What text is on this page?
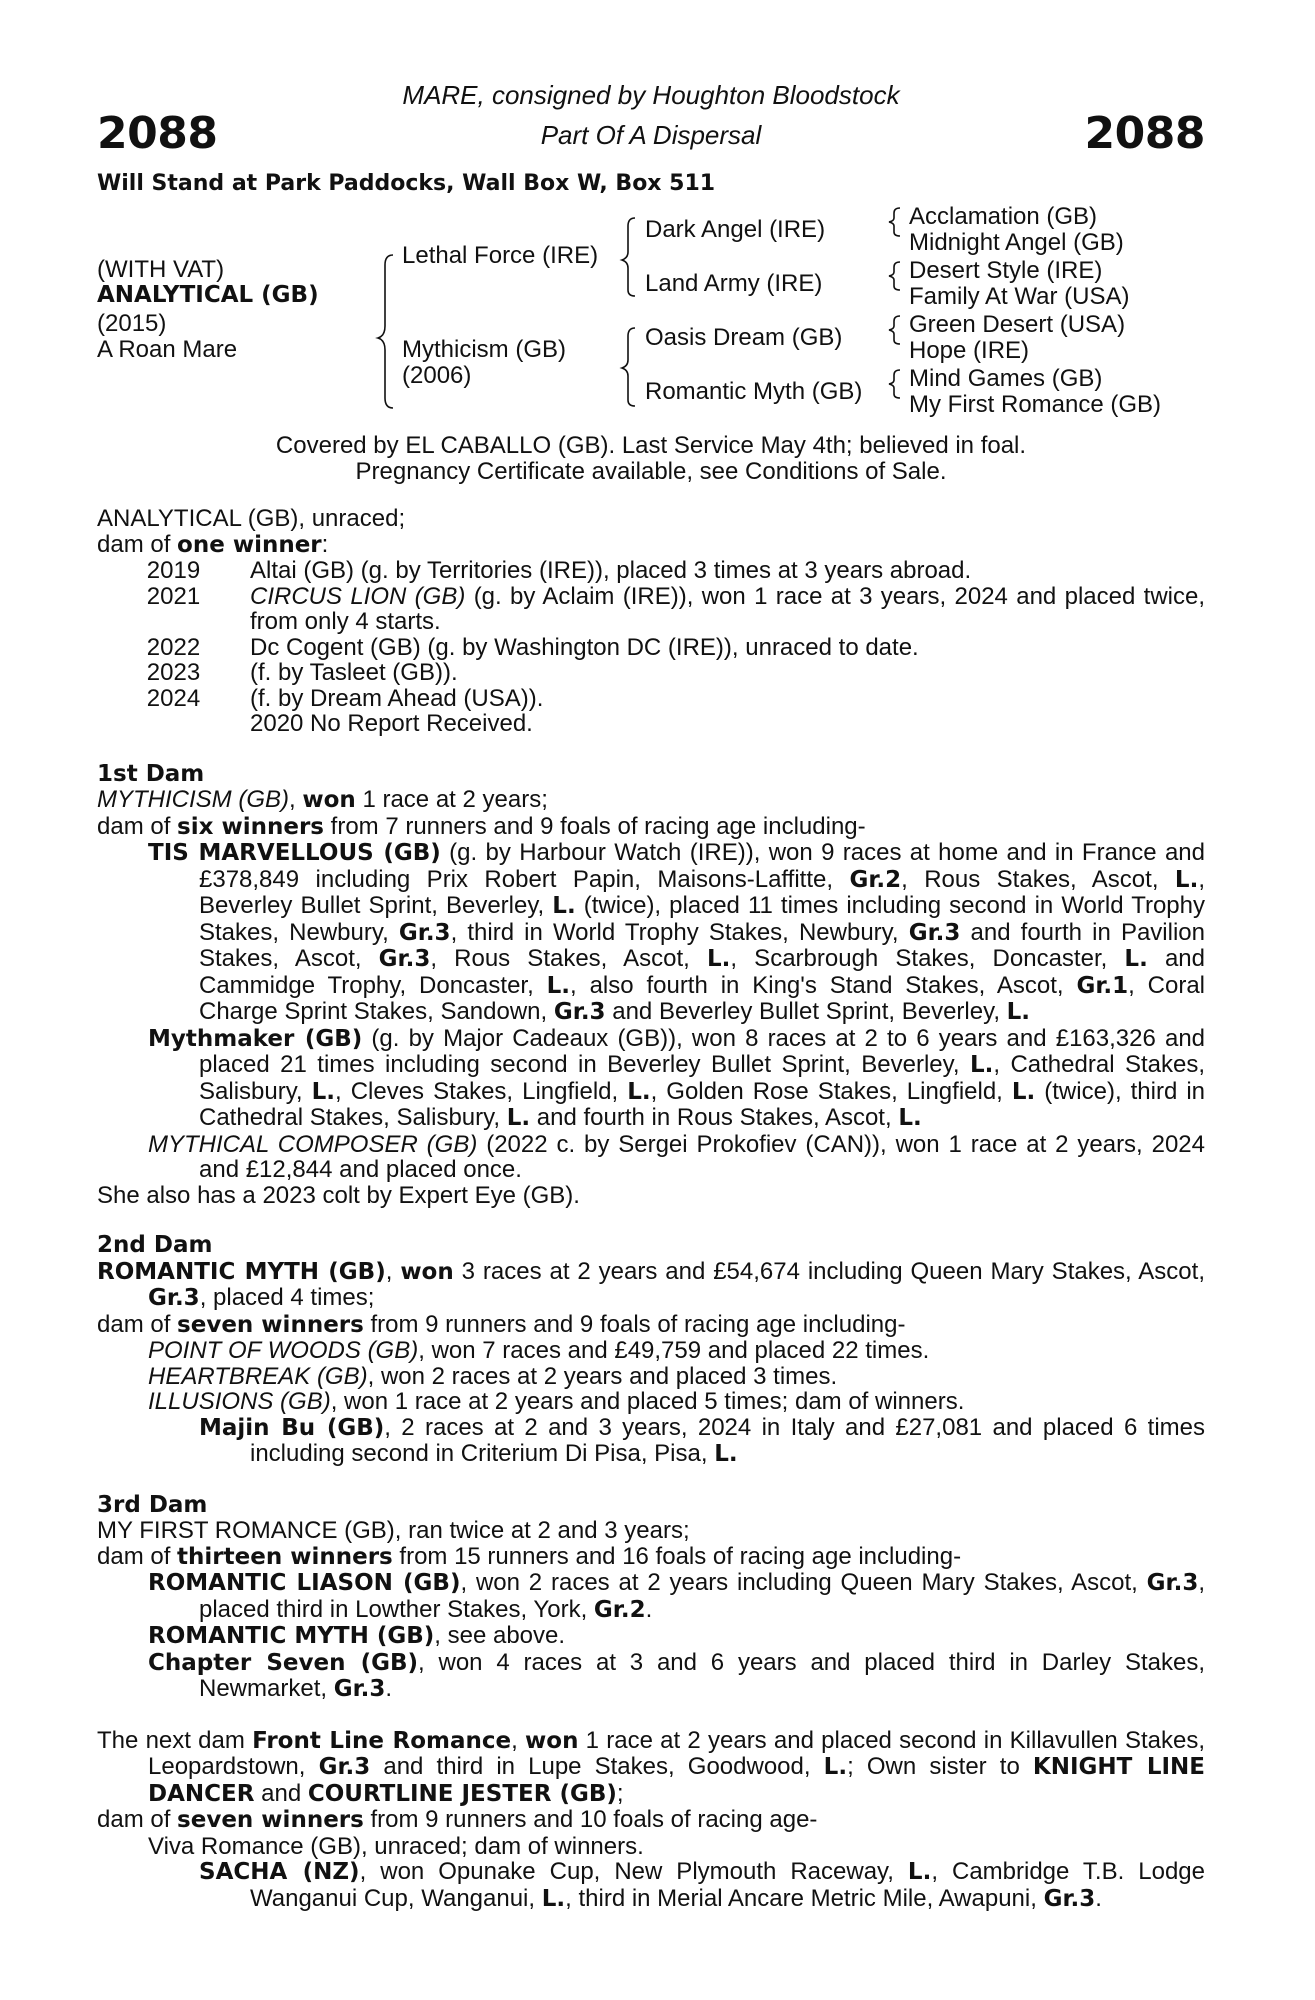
2088	2088
MARE, consigned by Houghton Bloodstock
Part Of A Dispersal
Will Stand at Park Paddocks, Wall Box W, Box 511
(WITH VAT)
ANALYTICAL (GB)
(2015)
A Roan Mare
Lethal Force (IRE)
Mythicism (GB)
(2006)
Dark Angel (IRE)
Land Army (IRE)
Oasis Dream (GB)
Romantic Myth (GB)
Acclamation (GB)
Midnight Angel (GB)
Desert Style (IRE)
Family At War (USA)
Green Desert (USA)
Hope (IRE)
Mind Games (GB)
My First Romance (GB)
Covered by EL CABALLO (GB). Last Service May 4th; believed in foal.
Pregnancy Certificate available, see Conditions of Sale.

ANALYTICAL (GB), unraced;

dam of one winner:

2019	Altai (GB) (g. by Territories (IRE)), placed 3 times at 3 years abroad.
2021	CIRCUS LION (GB) (g. by Aclaim (IRE)), won 1 race at 3 years, 2024 and placed twice, from only 4 starts.
2022	Dc Cogent (GB) (g. by Washington DC (IRE)), unraced to date.
2023	(f. by Tasleet (GB)).
2024	(f. by Dream Ahead (USA)).
2020 No Report Received.

1st Dam

MYTHICISM (GB), won 1 race at 2 years;

dam of six winners from 7 runners and 9 foals of racing age including-

TIS MARVELLOUS (GB) (g. by Harbour Watch (IRE)), won 9 races at home and in France and £378,849 including Prix Robert Papin, Maisons-Laffitte, Gr.2, Rous Stakes, Ascot, L., Beverley Bullet Sprint, Beverley, L. (twice), placed 11 times including second in World Trophy Stakes, Newbury, Gr.3, third in World Trophy Stakes, Newbury, Gr.3 and fourth in Pavilion Stakes, Ascot, Gr.3, Rous Stakes, Ascot, L., Scarbrough Stakes, Doncaster, L. and Cammidge Trophy, Doncaster, L., also fourth in King's Stand Stakes, Ascot, Gr.1, Coral Charge Sprint Stakes, Sandown, Gr.3 and Beverley Bullet Sprint, Beverley, L.

Mythmaker (GB) (g. by Major Cadeaux (GB)), won 8 races at 2 to 6 years and £163,326 and placed 21 times including second in Beverley Bullet Sprint, Beverley, L., Cathedral Stakes, Salisbury, L., Cleves Stakes, Lingfield, L., Golden Rose Stakes, Lingfield, L. (twice), third in Cathedral Stakes, Salisbury, L. and fourth in Rous Stakes, Ascot, L.

MYTHICAL COMPOSER (GB) (2022 c. by Sergei Prokofiev (CAN)), won 1 race at 2 years, 2024 and £12,844 and placed once.

She also has a 2023 colt by Expert Eye (GB).

2nd Dam

ROMANTIC MYTH (GB), won 3 races at 2 years and £54,674 including Queen Mary Stakes, Ascot, Gr.3, placed 4 times;

dam of seven winners from 9 runners and 9 foals of racing age including-

POINT OF WOODS (GB), won 7 races and £49,759 and placed 22 times.

HEARTBREAK (GB), won 2 races at 2 years and placed 3 times.

ILLUSIONS (GB), won 1 race at 2 years and placed 5 times; dam of winners.

Majin Bu (GB), 2 races at 2 and 3 years, 2024 in Italy and £27,081 and placed 6 times including second in Criterium Di Pisa, Pisa, L.

3rd Dam

MY FIRST ROMANCE (GB), ran twice at 2 and 3 years;

dam of thirteen winners from 15 runners and 16 foals of racing age including-

ROMANTIC LIASON (GB), won 2 races at 2 years including Queen Mary Stakes, Ascot, Gr.3, placed third in Lowther Stakes, York, Gr.2.

ROMANTIC MYTH (GB), see above.

Chapter Seven (GB), won 4 races at 3 and 6 years and placed third in Darley Stakes, Newmarket, Gr.3.

The next dam Front Line Romance, won 1 race at 2 years and placed second in Killavullen Stakes, Leopardstown, Gr.3 and third in Lupe Stakes, Goodwood, L.; Own sister to KNIGHT LINE DANCER and COURTLINE JESTER (GB);

dam of seven winners from 9 runners and 10 foals of racing age-

Viva Romance (GB), unraced; dam of winners.

SACHA (NZ), won Opunake Cup, New Plymouth Raceway, L., Cambridge T.B. Lodge Wanganui Cup, Wanganui, L., third in Merial Ancare Metric Mile, Awapuni, Gr.3.
